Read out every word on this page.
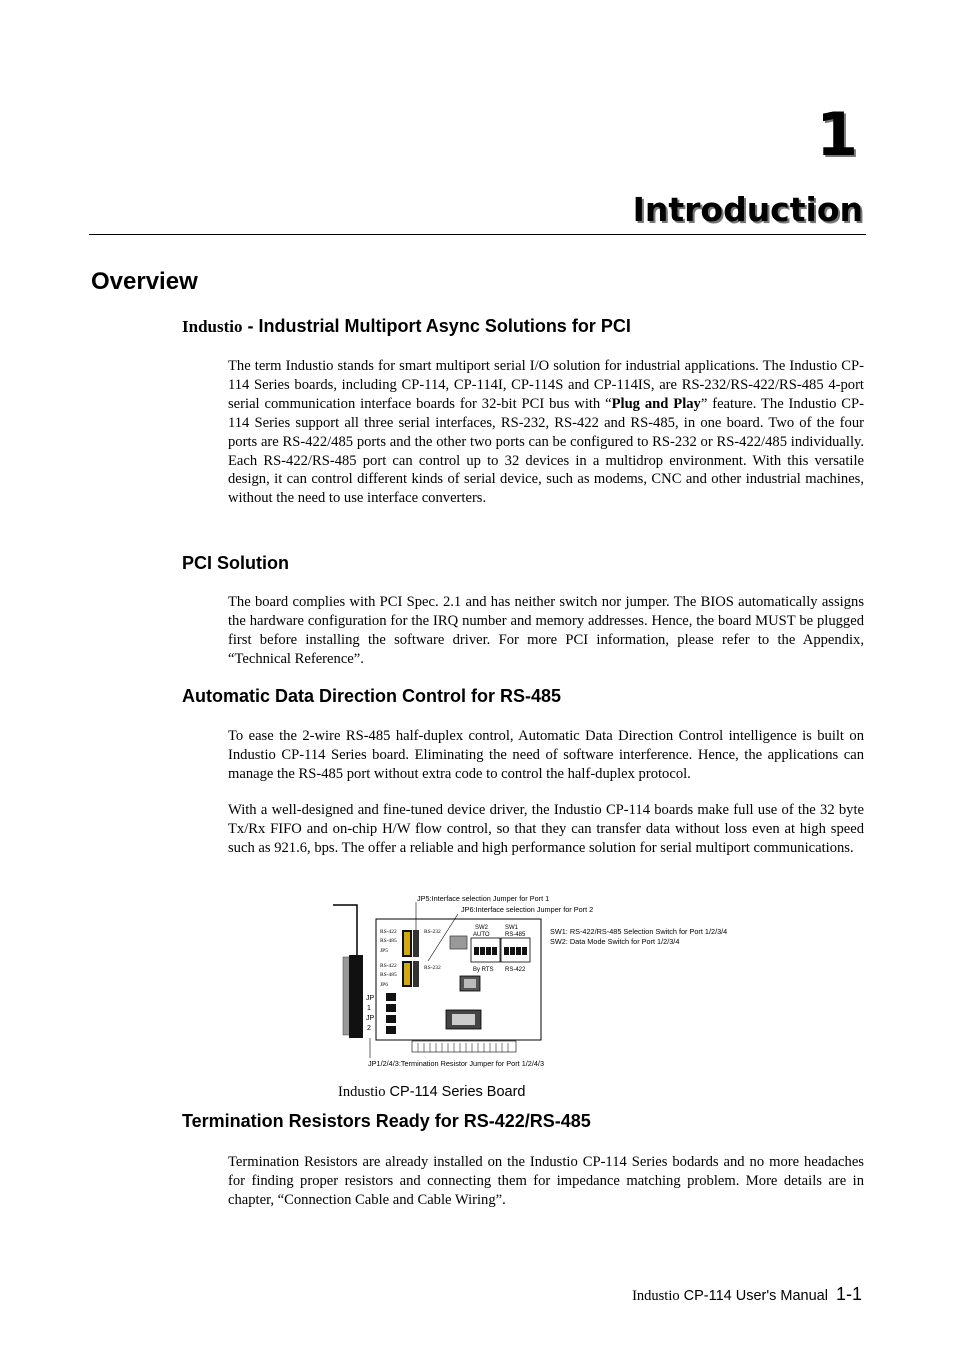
1
Introduction
Overview
Industio - Industrial Multiport Async Solutions for PCI
The term Industio stands for smart multiport serial I/O solution for industrial applications. The Industio CP-114 Series boards, including CP-114, CP-114I, CP-114S and CP-114IS, are RS-232/RS-422/RS-485 4-port serial communication interface boards for 32-bit PCI bus with “Plug and Play” feature. The Industio CP-114 Series support all three serial interfaces, RS-232, RS-422 and RS-485, in one board. Two of the four ports are RS-422/485 ports and the other two ports can be configured to RS-232 or RS-422/485 individually. Each RS-422/RS-485 port can control up to 32 devices in a multidrop environment. With this versatile design, it can control different kinds of serial device, such as modems, CNC and other industrial machines, without the need to use interface converters.
PCI Solution
The board complies with PCI Spec. 2.1 and has neither switch nor jumper. The BIOS automatically assigns the hardware configuration for the IRQ number and memory addresses. Hence, the board MUST be plugged first before installing the software driver. For more PCI information, please refer to the Appendix, “Technical Reference”.
Automatic Data Direction Control for RS-485
To ease the 2-wire RS-485 half-duplex control, Automatic Data Direction Control intelligence is built on Industio CP-114 Series board. Eliminating the need of software interference. Hence, the applications can manage the RS-485 port without extra code to control the half-duplex protocol.
With a well-designed and fine-tuned device driver, the Industio CP-114 boards make full use of the 32 byte Tx/Rx FIFO and on-chip H/W flow control, so that they can transfer data without loss even at high speed such as 921.6, bps. The offer a reliable and high performance solution for serial multiport communications.
RS-422
RS-485
JP5
RS-232
RS-422
RS-485
JP6
RS-232
SW2
AUTO
SW1
RS-485
By RTS RS-422
JP
1
JP
2
JP5:Interface selection Jumper for Port 1
JP6:Interface selection Jumper for Port 2
SW1: RS-422/RS-485 Selection Switch for Port 1/2/3/4
SW2: Data Mode Switch for Port 1/2/3/4
JP1/2/4/3:Termination Resistor Jumper for Port 1/2/4/3
Industio CP-114 Series Board
Termination Resistors Ready for RS-422/RS-485
Termination Resistors are already installed on the Industio CP-114 Series bodards and no more headaches for finding proper resistors and connecting them for impedance matching problem. More details are in chapter, “Connection Cable and Cable Wiring”.
Industio CP-114 User's Manual 1-1
